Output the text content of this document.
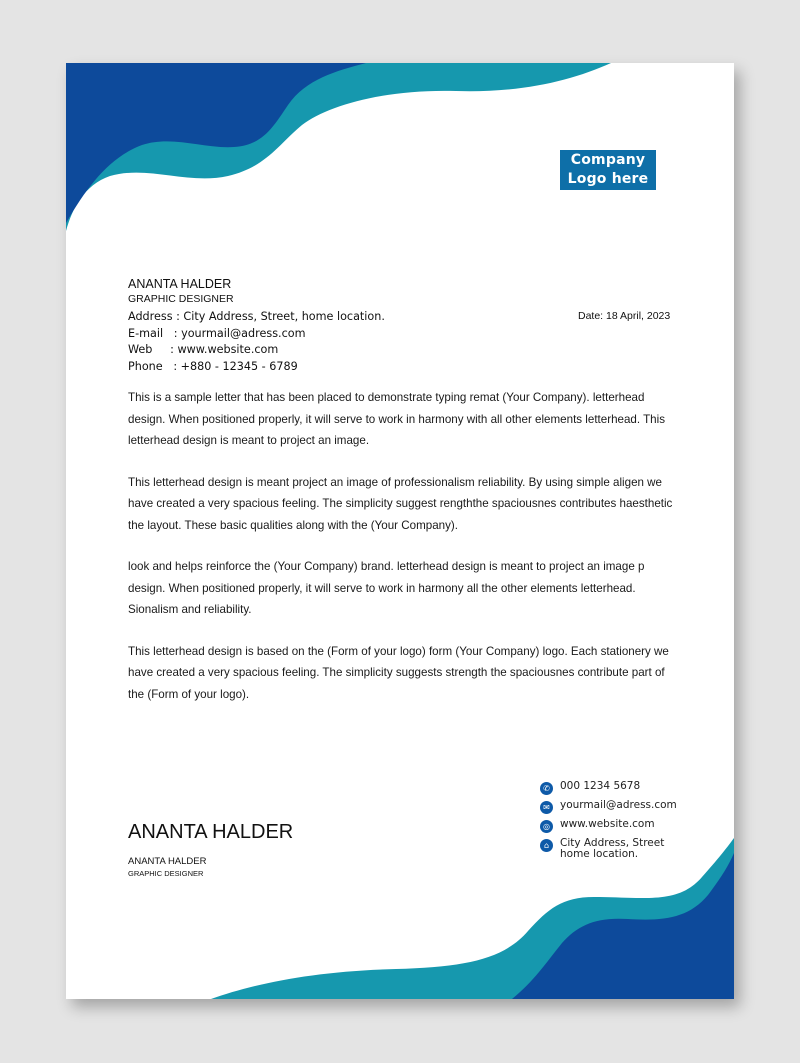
Company
Logo here
ANANTA HALDER
GRAPHIC DESIGNER
Address : City Address, Street, home location.
E-mail   : yourmail@adress.com
Web     : www.website.com
Phone   : +880 - 12345 - 6789
Date: 18 April, 2023

This is a sample letter that has been placed to demonstrate typing remat (Your Company). letterhead design. When positioned properly, it will serve to work in harmony with all other elements letterhead. This letterhead design is meant to project an image.

This letterhead design is meant project an image of professionalism reliability. By using simple aligen we have created a very spacious feeling. The simplicity suggest rengththe spaciousnes contributes haesthetic the layout. These basic qualities along with the (Your Company).

look and helps reinforce the (Your Company) brand. letterhead design is meant to project an image p design. When positioned properly, it will serve to work in harmony all the other elements letterhead. Sionalism and reliability.

This letterhead design is based on the (Form of your logo) form (Your Company) logo. Each stationery we have created a very spacious feeling. The simplicity suggests strength the spaciousnes contribute part of the (Form of your logo).

✆ 000 1234 5678
✉ yourmail@adress.com
◎ www.website.com
⌂	City Address, Street
home location.
ANANTA HALDER
ANANTA HALDER
GRAPHIC DESIGNER
